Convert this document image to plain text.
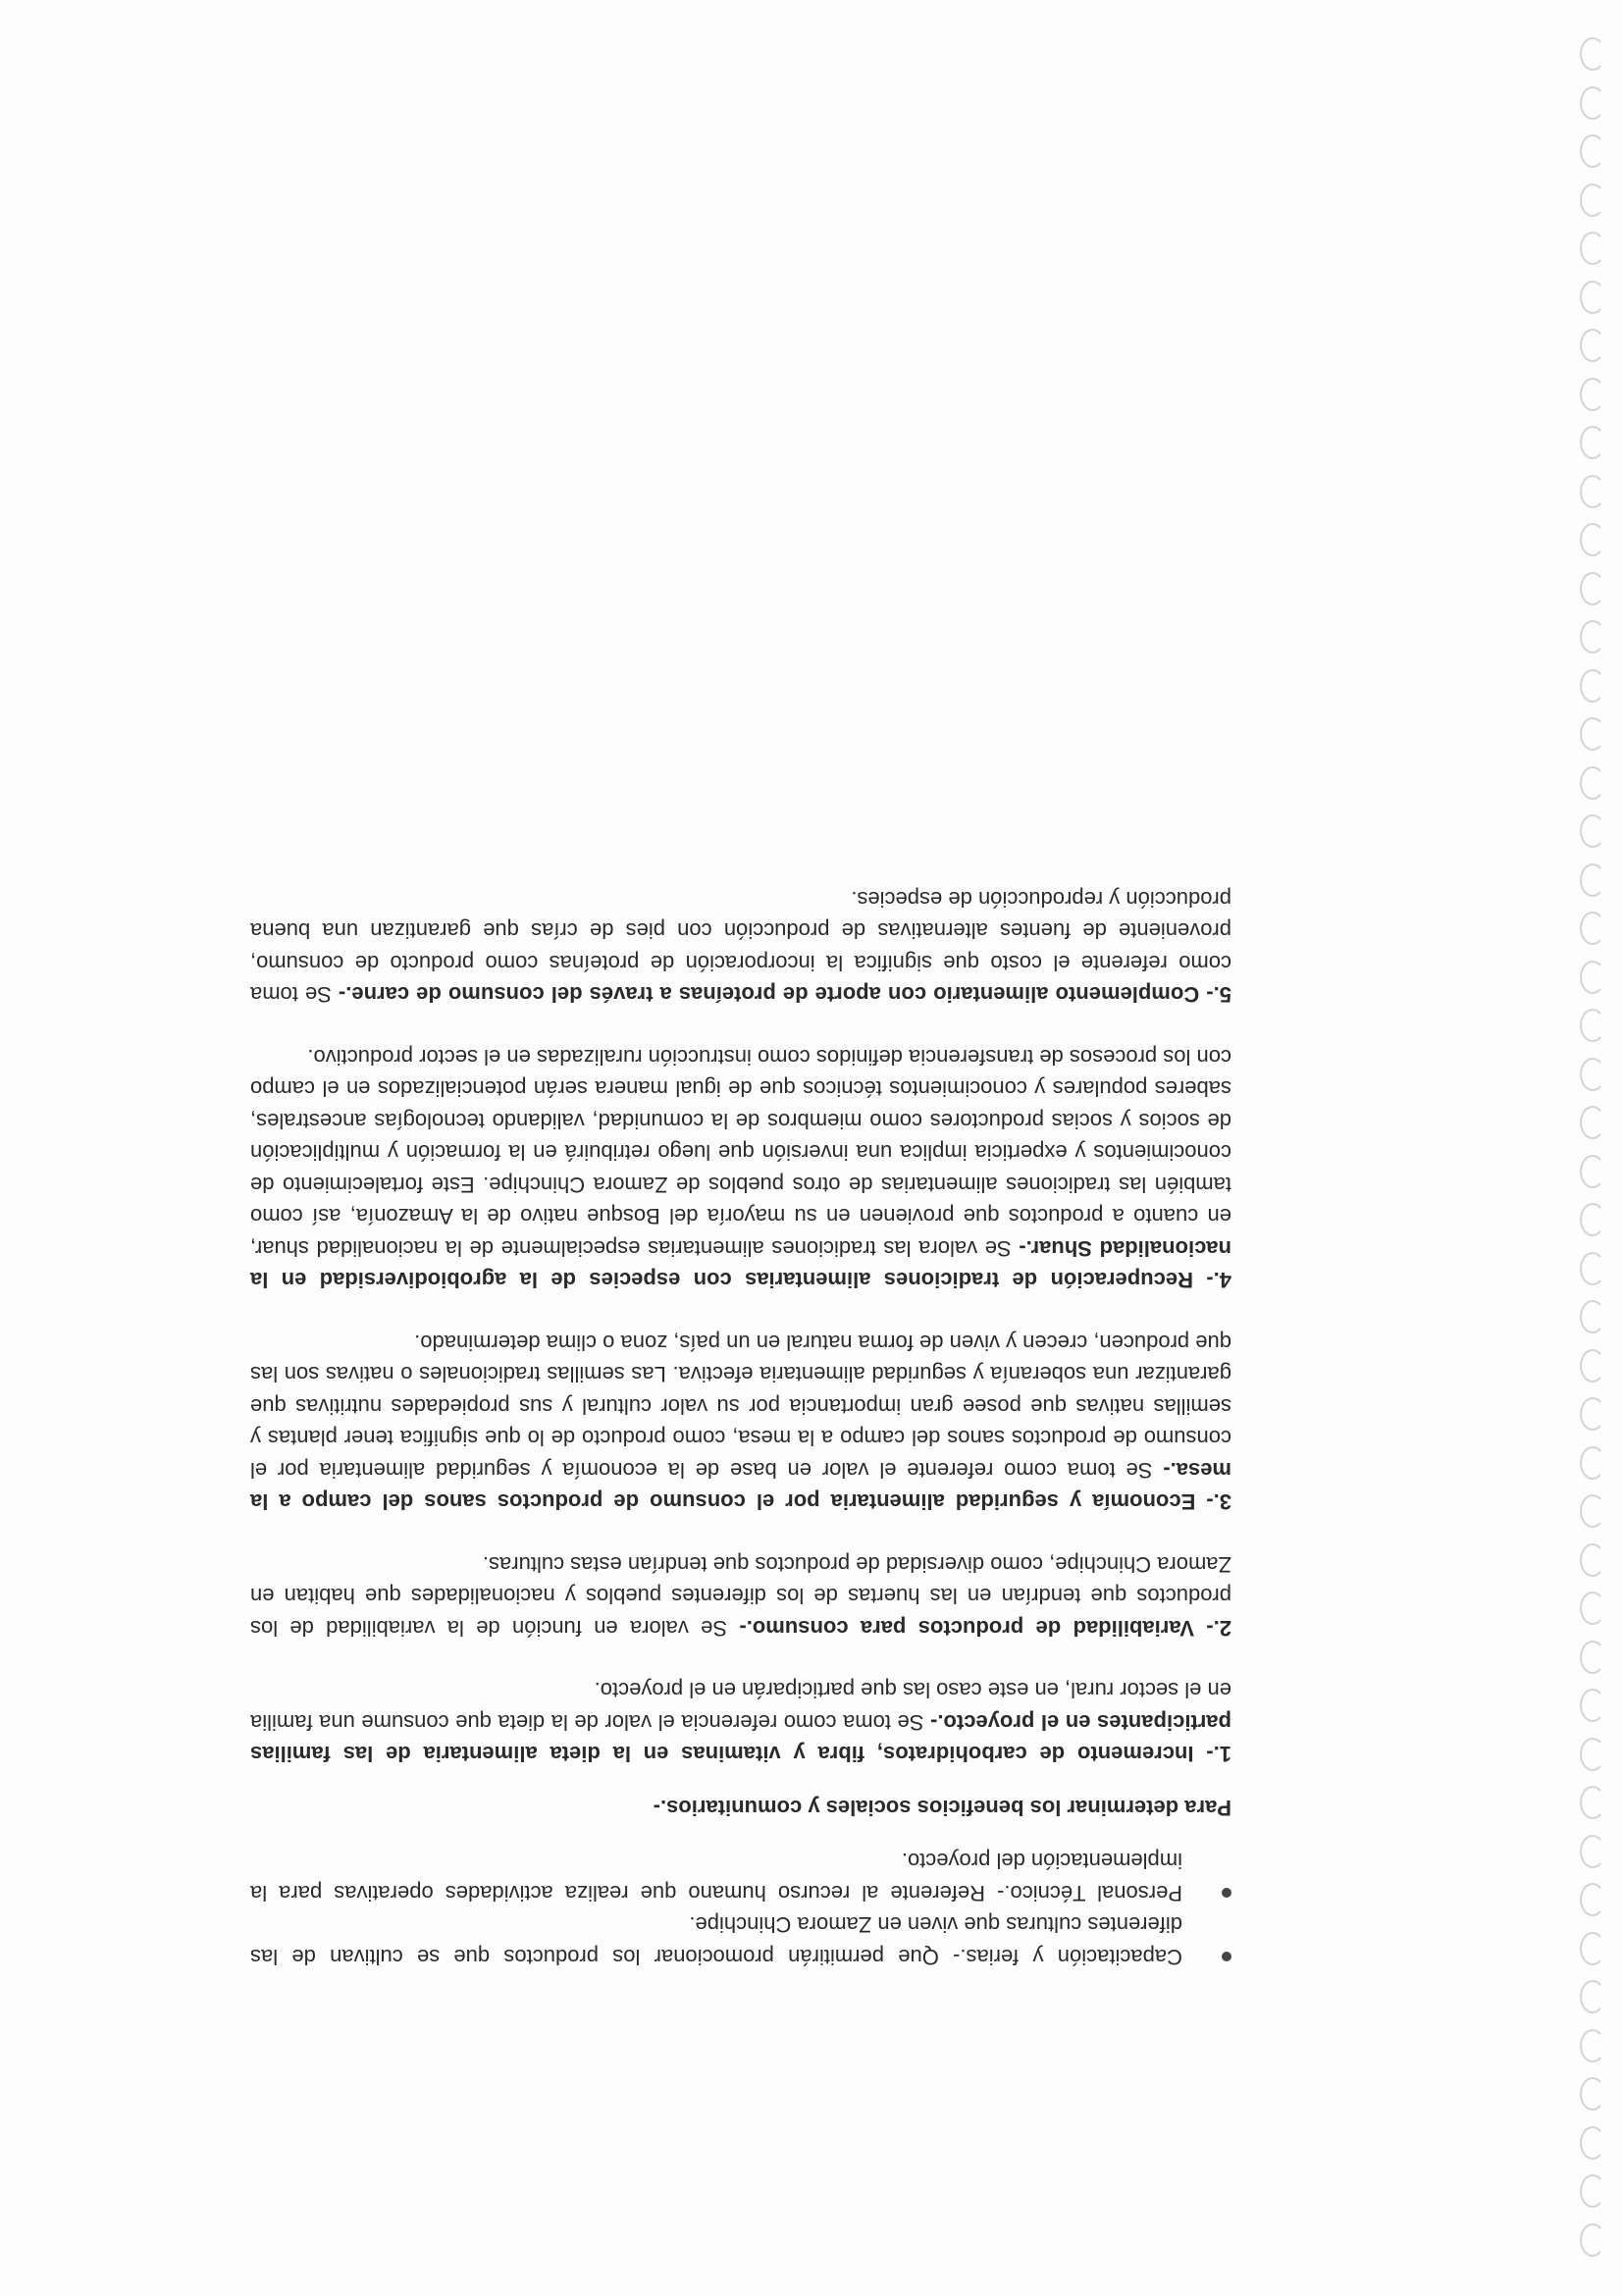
Capacitación y ferias.- Que permitirán promocionar los productos que se cultivan de las diferentes culturas que viven en Zamora Chinchipe.
Personal Técnico.- Referente al recurso humano que realiza actividades operativas para la implementación del proyecto.

Para determinar los beneficios sociales y comunitarios.-

1.- Incremento de carbohidratos, fibra y vitaminas en la dieta alimentaria de las familias participantes en el proyecto.- Se toma como referencia el valor de la dieta que consume una familia en el sector rural, en este caso las que participarán en el proyecto.

2.- Variabilidad de productos para consumo.- Se valora en función de la variabilidad de los productos que tendrían en las huertas de los diferentes pueblos y nacionalidades que habitan en Zamora Chinchipe, como diversidad de productos que tendrían estas culturas.

3.- Economía y seguridad alimentaria por el consumo de productos sanos del campo a la mesa.- Se toma como referente el valor en base de la economía y seguridad alimentaria por el consumo de productos sanos del campo a la mesa, como producto de lo que significa tener plantas y semillas nativas que posee gran importancia por su valor cultural y sus propiedades nutritivas que garantizar una soberanía y seguridad alimentaria efectiva. Las semillas tradicionales o nativas son las que producen, crecen y viven de forma natural en un país, zona o clima determinado.

4.- Recuperación de tradiciones alimentarias con especies de la agrobiodiversidad en la nacionalidad Shuar.- Se valora las tradiciones alimentarias especialmente de la nacionalidad shuar, en cuanto a productos que provienen en su mayoría del Bosque nativo de la Amazonía, así como también las tradiciones alimentarias de otros pueblos de Zamora Chinchipe. Este fortalecimiento de conocimientos y experticia implica una inversión que luego retribuirá en la formación y multiplicación de socios y socias productores como miembros de la comunidad, validando tecnologías ancestrales, saberes populares y conocimientos técnicos que de igual manera serán potencializados en el campo con los procesos de transferencia definidos como instrucción ruralizadas en el sector productivo.

5.- Complemento alimentario con aporte de proteínas a través del consumo de carne.- Se toma como referente el costo que significa la incorporación de proteínas como producto de consumo, proveniente de fuentes alternativas de producción con pies de crías que garantizan una buena producción y reproducción de especies.
